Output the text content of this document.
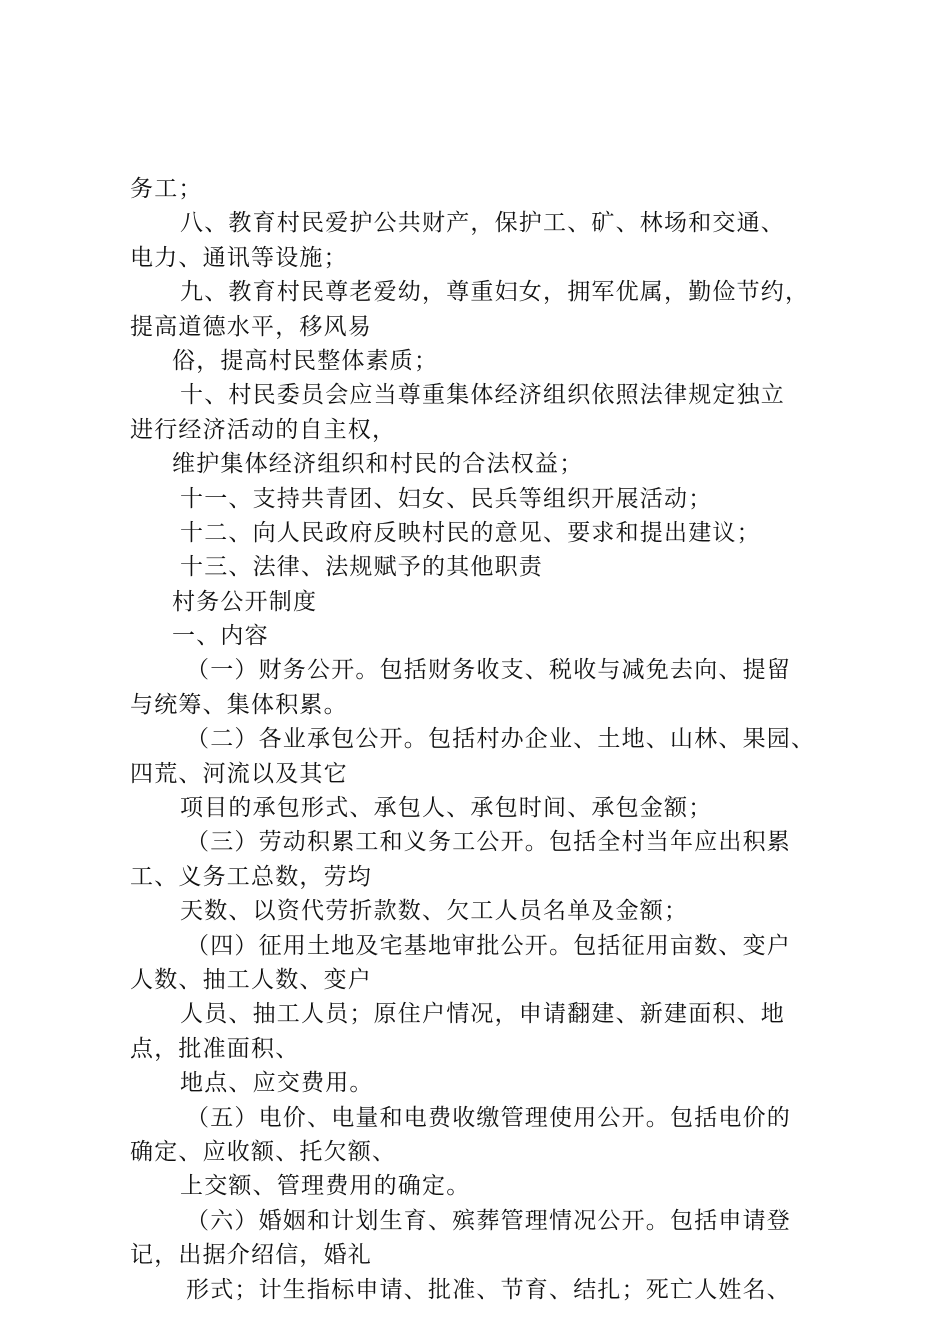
务工；
八、教育村民爱护公共财产，保护工、矿、林场和交通、
电力、通讯等设施；
九、教育村民尊老爱幼，尊重妇女，拥军优属，勤俭节约，
提高道德水平，移风易
俗，提高村民整体素质；
十、村民委员会应当尊重集体经济组织依照法律规定独立
进行经济活动的自主权，
维护集体经济组织和村民的合法权益；
十一、支持共青团、妇女、民兵等组织开展活动；
十二、向人民政府反映村民的意见、要求和提出建议；
十三、法律、法规赋予的其他职责
村务公开制度
一、内容
（一）财务公开。包括财务收支、税收与减免去向、提留
与统筹、集体积累。
（二）各业承包公开。包括村办企业、土地、山林、果园、
四荒、河流以及其它
项目的承包形式、承包人、承包时间、承包金额；
（三）劳动积累工和义务工公开。包括全村当年应出积累
工、义务工总数，劳均
天数、以资代劳折款数、欠工人员名单及金额；
（四）征用土地及宅基地审批公开。包括征用亩数、变户
人数、抽工人数、变户
人员、抽工人员；原住户情况，申请翻建、新建面积、地
点，批准面积、
地点、应交费用。
（五）电价、电量和电费收缴管理使用公开。包括电价的
确定、应收额、托欠额、
上交额、管理费用的确定。
（六）婚姻和计划生育、殡葬管理情况公开。包括申请登
记，出据介绍信，婚礼
形式；计生指标申请、批准、节育、结扎；死亡人姓名、
